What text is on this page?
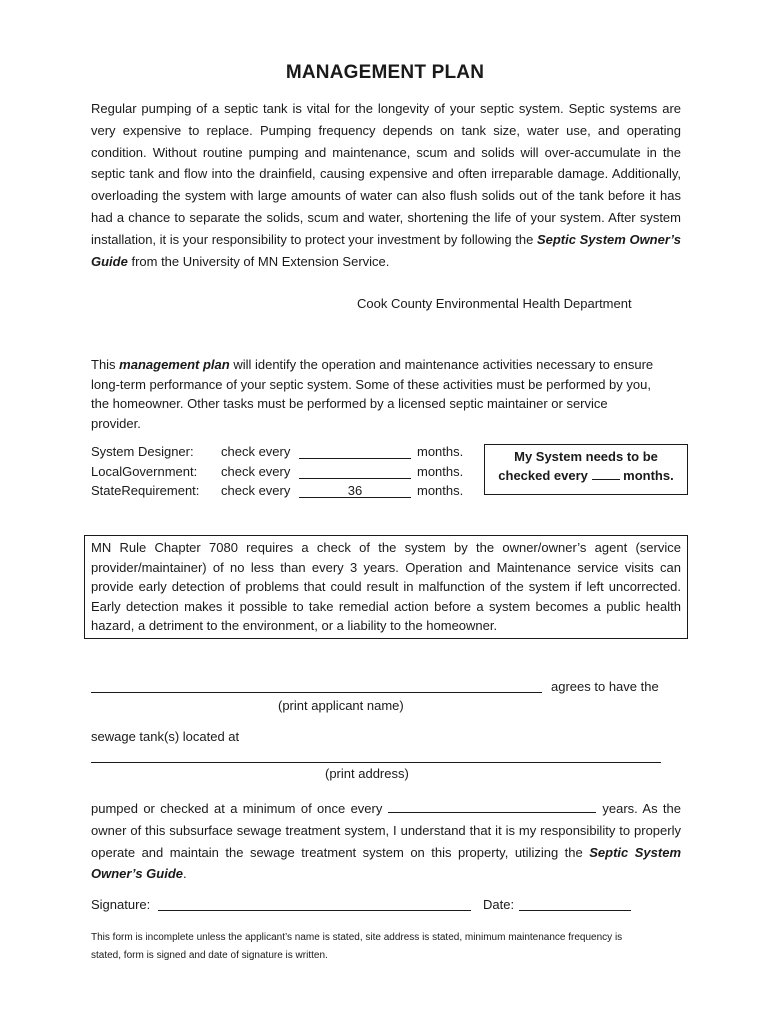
MANAGEMENT PLAN
Regular pumping of a septic tank is vital for the longevity of your septic system. Septic systems are very expensive to replace. Pumping frequency depends on tank size, water use, and operating condition. Without routine pumping and maintenance, scum and solids will over-accumulate in the septic tank and flow into the drainfield, causing expensive and often irreparable damage. Additionally, overloading the system with large amounts of water can also flush solids out of the tank before it has had a chance to separate the solids, scum and water, shortening the life of your system. After system installation, it is your responsibility to protect your investment by following the Septic System Owner’s Guide from the University of MN Extension Service.
Cook County Environmental Health Department
This management plan will identify the operation and maintenance activities necessary to ensure long-term performance of your septic system. Some of these activities must be performed by you, the homeowner. Other tasks must be performed by a licensed septic maintainer or service provider.
System Designer: check every	months.
LocalGovernment: check every	months.
StateRequirement: check every	36	months.
My System needs to be
checked every	months.
MN Rule Chapter 7080 requires a check of the system by the owner/owner’s agent (service provider/maintainer) of no less than every 3 years. Operation and Maintenance service visits can provide early detection of problems that could result in malfunction of the system if left uncorrected. Early detection makes it possible to take remedial action before a system becomes a public health hazard, a detriment to the environment, or a liability to the homeowner.
agrees to have the
(print applicant name)
sewage tank(s) located at
(print address)
pumped or checked at a minimum of once every	years. As the owner of this subsurface sewage treatment system, I understand that it is my responsibility to properly operate and maintain the sewage treatment system on this property, utilizing the Septic System Owner’s Guide.
Signature:	Date:
This form is incomplete unless the applicant’s name is stated, site address is stated, minimum maintenance frequency is stated, form is signed and date of signature is written.
